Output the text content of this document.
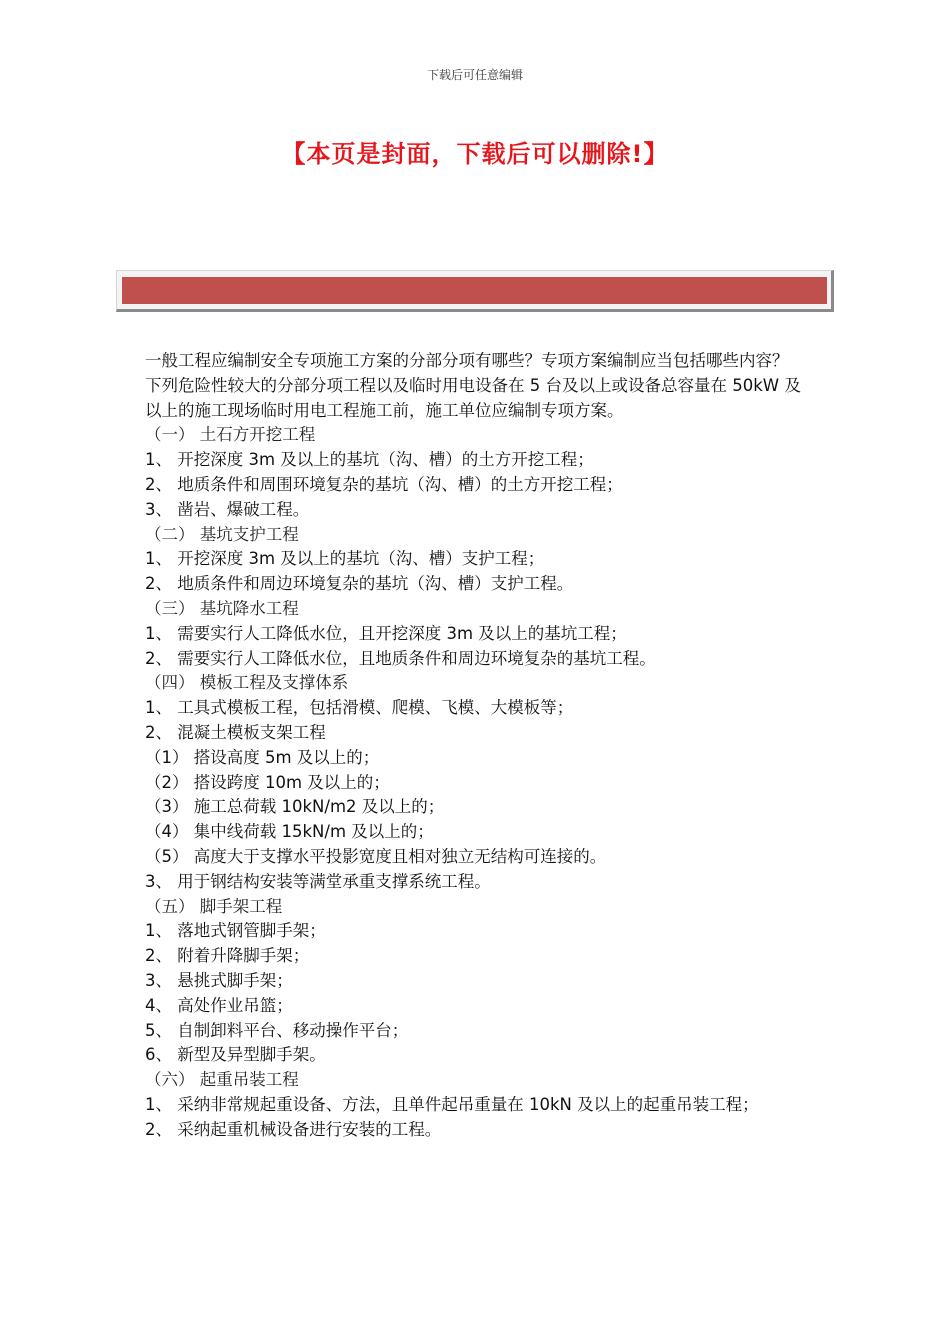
下载后可任意编辑
【本页是封面，下载后可以删除!】

一般工程应编制安全专项施工方案的分部分项有哪些？专项方案编制应当包括哪些内容？

下列危险性较大的分部分项工程以及临时用电设备在 5 台及以上或设备总容量在 50kW 及以上的施工现场临时用电工程施工前，施工单位应编制专项方案。

（一） 土石方开挖工程

1、 开挖深度 3m 及以上的基坑（沟、槽）的土方开挖工程；

2、 地质条件和周围环境复杂的基坑（沟、槽）的土方开挖工程；

3、 凿岩、爆破工程。

（二） 基坑支护工程

1、 开挖深度 3m 及以上的基坑（沟、槽）支护工程；

2、 地质条件和周边环境复杂的基坑（沟、槽）支护工程。

（三） 基坑降水工程

1、 需要实行人工降低水位，且开挖深度 3m 及以上的基坑工程；

2、 需要实行人工降低水位，且地质条件和周边环境复杂的基坑工程。

（四） 模板工程及支撑体系

1、 工具式模板工程，包括滑模、爬模、飞模、大模板等；

2、 混凝土模板支架工程

（1） 搭设高度 5m 及以上的；

（2） 搭设跨度 10m 及以上的；

（3） 施工总荷载 10kN/m2 及以上的；

（4） 集中线荷载 15kN/m 及以上的；

（5） 高度大于支撑水平投影宽度且相对独立无结构可连接的。

3、 用于钢结构安装等满堂承重支撑系统工程。

（五） 脚手架工程

1、 落地式钢管脚手架；

2、 附着升降脚手架；

3、 悬挑式脚手架；

4、 高处作业吊篮；

5、 自制卸料平台、移动操作平台；

6、 新型及异型脚手架。

（六） 起重吊装工程

1、 采纳非常规起重设备、方法，且单件起吊重量在 10kN 及以上的起重吊装工程；

2、 采纳起重机械设备进行安装的工程。
